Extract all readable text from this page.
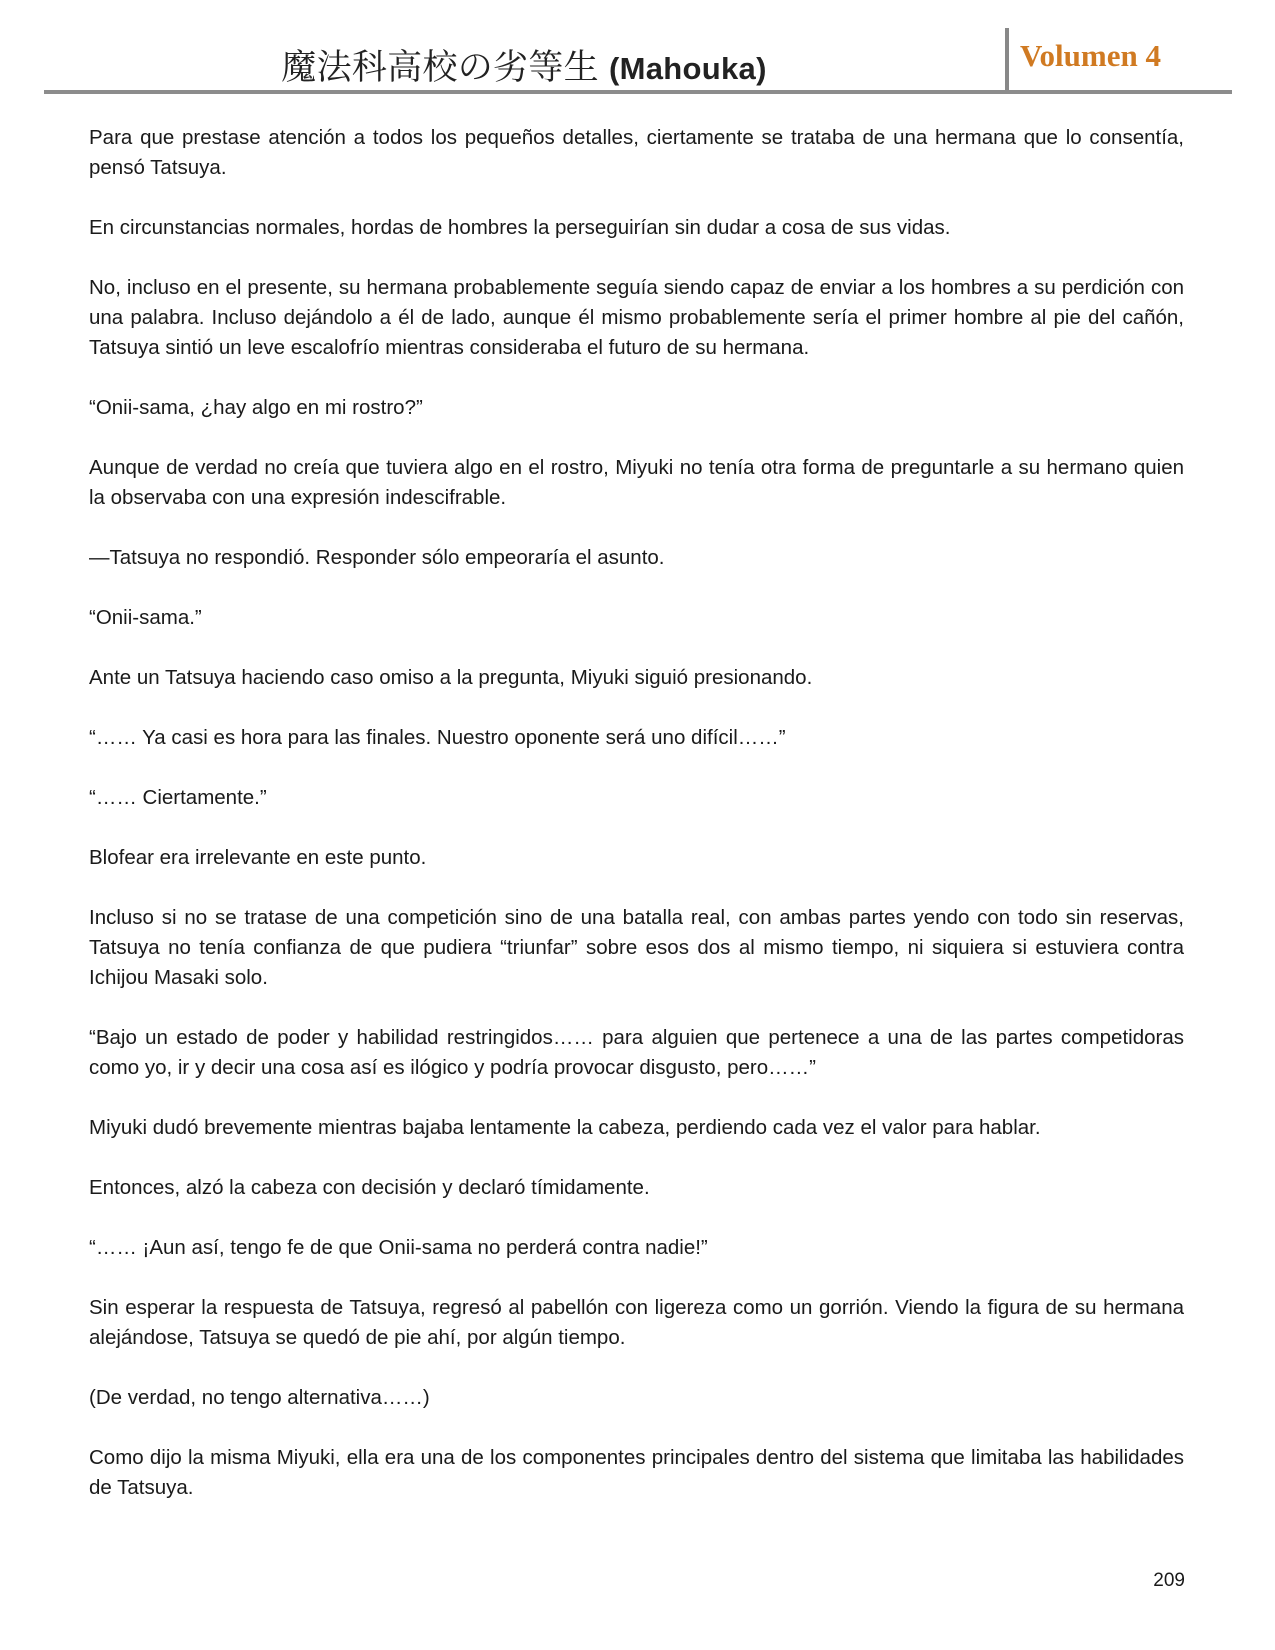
魔法科高校の劣等生 (Mahouka)	Volumen 4

Para que prestase atención a todos los pequeños detalles, ciertamente se trataba de una hermana que lo consentía, pensó Tatsuya.

En circunstancias normales, hordas de hombres la perseguirían sin dudar a cosa de sus vidas.

No, incluso en el presente, su hermana probablemente seguía siendo capaz de enviar a los hombres a su perdición con una palabra. Incluso dejándolo a él de lado, aunque él mismo probablemente sería el primer hombre al pie del cañón, Tatsuya sintió un leve escalofrío mientras consideraba el futuro de su hermana.

“Onii-sama, ¿hay algo en mi rostro?”

Aunque de verdad no creía que tuviera algo en el rostro, Miyuki no tenía otra forma de preguntarle a su hermano quien la observaba con una expresión indescifrable.

—Tatsuya no respondió. Responder sólo empeoraría el asunto.

“Onii-sama.”

Ante un Tatsuya haciendo caso omiso a la pregunta, Miyuki siguió presionando.

“…… Ya casi es hora para las finales. Nuestro oponente será uno difícil……”

“…… Ciertamente.”

Blofear era irrelevante en este punto.

Incluso si no se tratase de una competición sino de una batalla real, con ambas partes yendo con todo sin reservas, Tatsuya no tenía confianza de que pudiera “triunfar” sobre esos dos al mismo tiempo, ni siquiera si estuviera contra Ichijou Masaki solo.

“Bajo un estado de poder y habilidad restringidos…… para alguien que pertenece a una de las partes competidoras como yo, ir y decir una cosa así es ilógico y podría provocar disgusto, pero……”

Miyuki dudó brevemente mientras bajaba lentamente la cabeza, perdiendo cada vez el valor para hablar.

Entonces, alzó la cabeza con decisión y declaró tímidamente.

“…… ¡Aun así, tengo fe de que Onii-sama no perderá contra nadie!”

Sin esperar la respuesta de Tatsuya, regresó al pabellón con ligereza como un gorrión. Viendo la figura de su hermana alejándose, Tatsuya se quedó de pie ahí, por algún tiempo.

(De verdad, no tengo alternativa……)

Como dijo la misma Miyuki, ella era una de los componentes principales dentro del sistema que limitaba las habilidades de Tatsuya.

209
